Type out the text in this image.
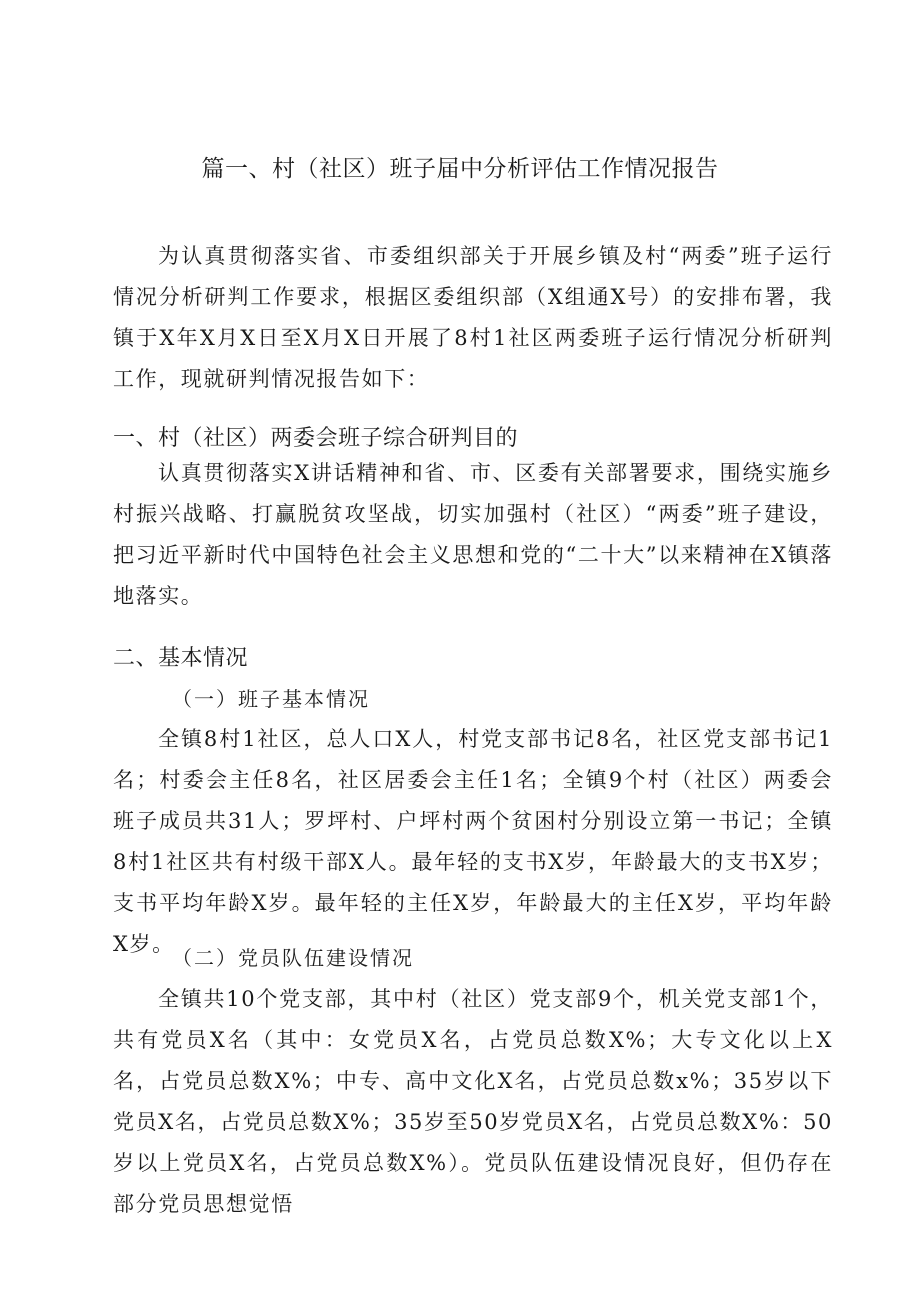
篇一、村（社区）班子届中分析评估工作情况报告

为认真贯彻落实省、市委组织部关于开展乡镇及村“两委”班子运行情况分析研判工作要求，根据区委组织部（X组通X号）的安排布署，我镇于X年X月X日至X月X日开展了8村1社区两委班子运行情况分析研判工作，现就研判情况报告如下：

一、村（社区）两委会班子综合研判目的

认真贯彻落实X讲话精神和省、市、区委有关部署要求，围绕实施乡村振兴战略、打赢脱贫攻坚战，切实加强村（社区）“两委”班子建设，把习近平新时代中国特色社会主义思想和党的“二十大”以来精神在X镇落地落实。

二、基本情况
（一）班子基本情况

全镇8村1社区，总人口X人，村党支部书记8名，社区党支部书记1名；村委会主任8名，社区居委会主任1名；全镇9个村（社区）两委会班子成员共31人；罗坪村、户坪村两个贫困村分别设立第一书记；全镇8村1社区共有村级干部X人。最年轻的支书X岁，年龄最大的支书X岁；支书平均年龄X岁。最年轻的主任X岁，年龄最大的主任X岁，平均年龄X岁。

（二）党员队伍建设情况

全镇共10个党支部，其中村（社区）党支部9个，机关党支部1个，共有党员X名（其中：女党员X名，占党员总数X%；大专文化以上X名，占党员总数X%；中专、高中文化X名，占党员总数x%；35岁以下党员X名，占党员总数X%；35岁至50岁党员X名，占党员总数X%：50岁以上党员X名，占党员总数X%）。党员队伍建设情况良好，但仍存在部分党员思想觉悟
